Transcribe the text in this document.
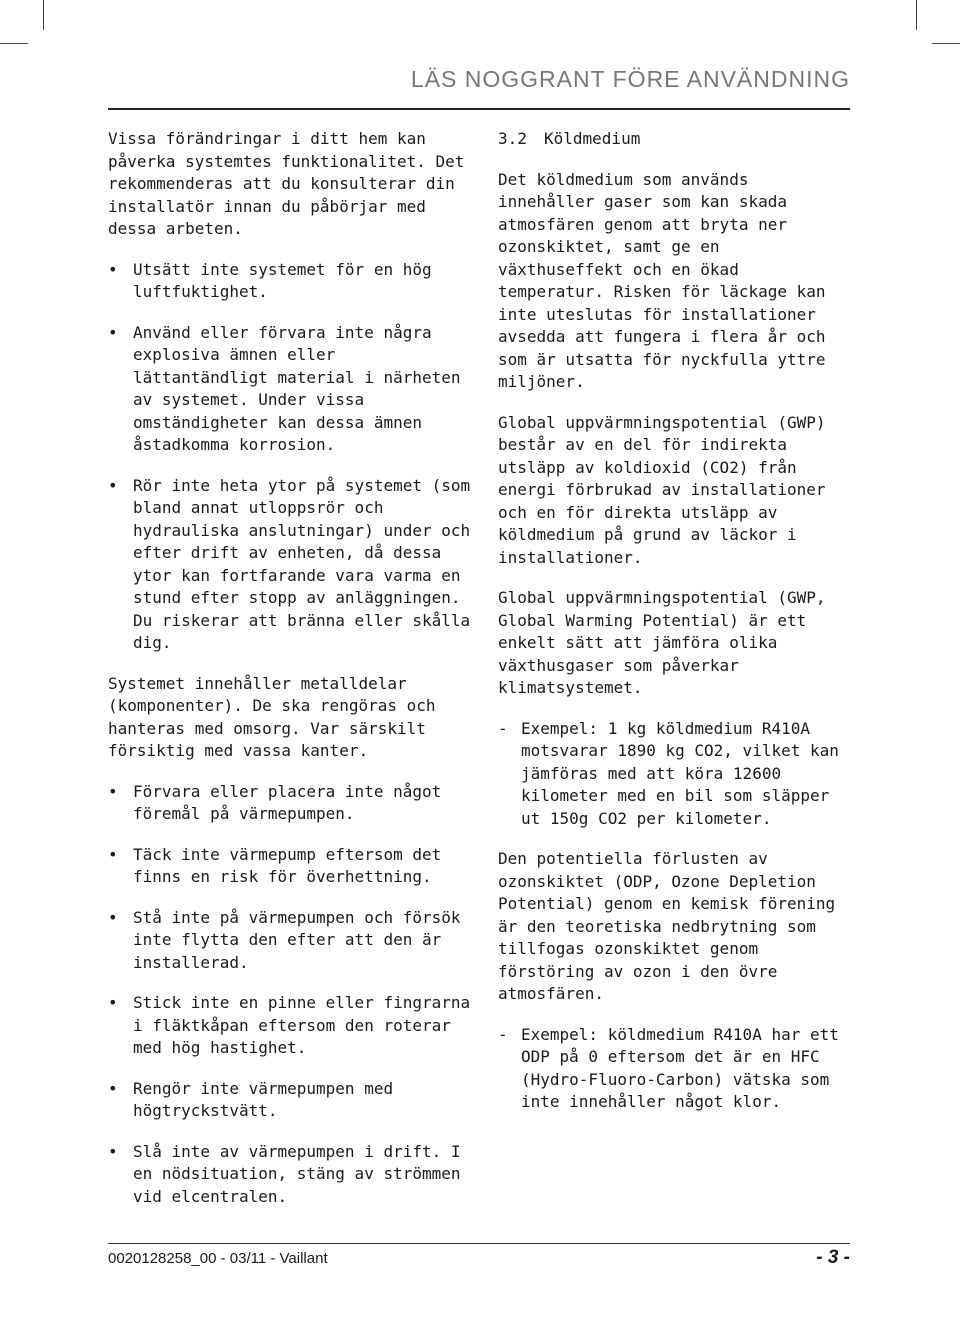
LÄS NOGGRANT FÖRE ANVÄNDNING

Vissa förändringar i ditt hem kan påverka systemtes funktionalitet. Det rekommenderas att du konsulterar din installatör innan du påbörjar med dessa arbeten.

• Utsätt inte systemet för en hög luftfuktighet.
• Använd eller förvara inte några explosiva ämnen eller lättantändligt material i närheten av systemet. Under vissa omständigheter kan dessa ämnen åstadkomma korrosion.
• Rör inte heta ytor på systemet (som bland annat utloppsrör och hydrauliska anslutningar) under och efter drift av enheten, då dessa ytor kan fortfarande vara varma en stund efter stopp av anläggningen. Du riskerar att bränna eller skålla dig.

Systemet innehåller metalldelar (komponenter). De ska rengöras och hanteras med omsorg. Var särskilt försiktig med vassa kanter.

• Förvara eller placera inte något föremål på värmepumpen.
• Täck inte värmepump eftersom det finns en risk för överhettning.
• Stå inte på värmepumpen och försök inte flytta den efter att den är installerad.
• Stick inte en pinne eller fingrarna i fläktkåpan eftersom den roterar med hög hastighet.
• Rengör inte värmepumpen med högtryckstvätt.
• Slå inte av värmepumpen i drift. I en nödsituation, stäng av strömmen vid elcentralen.
3.2 Köldmedium

Det köldmedium som används innehåller gaser som kan skada atmosfären genom att bryta ner ozonskiktet, samt ge en växthuseffekt och en ökad temperatur. Risken för läckage kan inte uteslutas för installationer avsedda att fungera i flera år och som är utsatta för nyckfulla yttre miljöner.

Global uppvärmningspotential (GWP) består av en del för indirekta utsläpp av koldioxid (CO2) från energi förbrukad av installationer och en för direkta utsläpp av köldmedium på grund av läckor i installationer.

Global uppvärmningspotential (GWP, Global Warming Potential) är ett enkelt sätt att jämföra olika växthusgaser som påverkar klimatsystemet.

- Exempel: 1 kg köldmedium R410A motsvarar 1890 kg CO2, vilket kan jämföras med att köra 12600 kilometer med en bil som släpper ut 150g CO2 per kilometer.

Den potentiella förlusten av ozonskiktet (ODP, Ozone Depletion Potential) genom en kemisk förening är den teoretiska nedbrytning som tillfogas ozonskiktet genom förstöring av ozon i den övre atmosfären.

- Exempel: köldmedium R410A har ett ODP på 0 eftersom det är en HFC (Hydro-Fluoro-Carbon) vätska som inte innehåller något klor.
0020128258_00 - 03/11 - Vaillant	- 3 -
